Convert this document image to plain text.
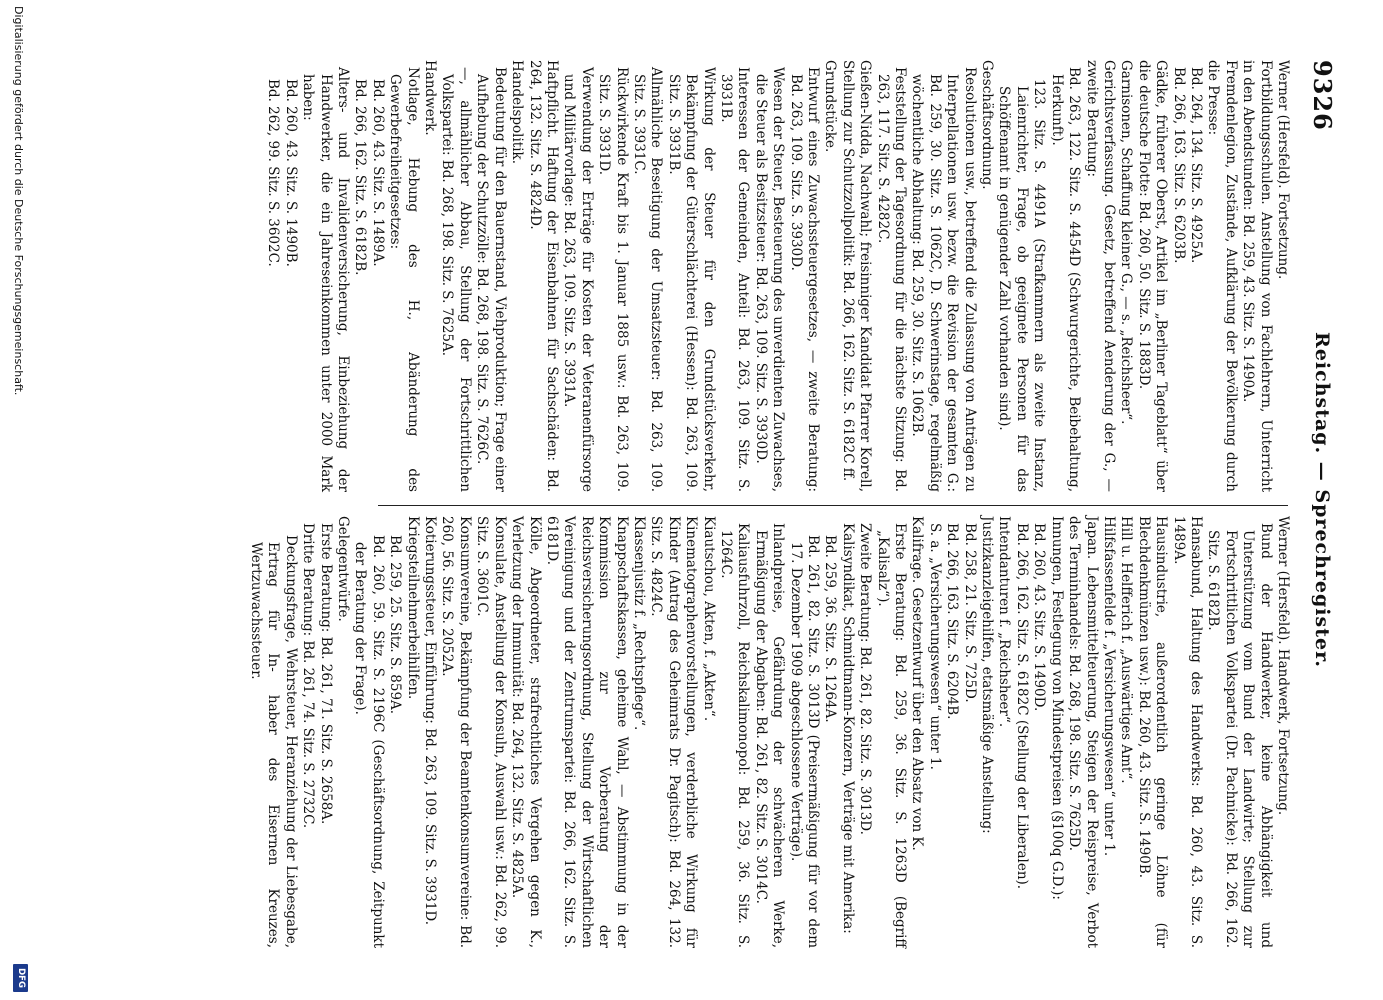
9326
Reichstag. — Sprechregister.

Werner (Hersfeld). Fortsetzung.

Fortbildungsschulen. Anstellung von Fachlehrern, Unterricht in den Abendstunden: Bd. 259, 43. Sitz. S. 1490A.

Fremdenlegion, Zustände, Aufklärung der Bevölkerung durch die Presse:

Bd. 264, 134. Sitz. S. 4925A.

Bd. 266, 163. Sitz. S. 6203B.

Gädke, früherer Oberst, Artikel im „Berliner Tageblatt“ über die deutsche Flotte: Bd. 260, 50. Sitz. S. 1883D.

Garnisonen, Schaffung kleiner G., — s. „Reichsheer“.

Gerichtsverfassung. Gesetz, betreffend Aenderung der G., — zweite Beratung:

Bd. 263, 122. Sitz. S. 4454D (Schwurgerichte, Beibehaltung, Herkunft).

123. Sitz. S. 4491A (Strafkammern als zweite Instanz, Laienrichter, Frage, ob geeignete Personen für das Schöffenamt in genügender Zahl vorhanden sind).

Geschäftsordnung.

Resolutionen usw., betreffend die Zulassung von Anträgen zu Interpellationen usw. bezw. die Revision der gesamten G.: Bd. 259, 30. Sitz. S. 1062C, D. Schwerinstage, regelmäßig wöchentliche Abhaltung: Bd. 259, 30. Sitz. S. 1062B.

Feststellung der Tagesordnung für die nächste Sitzung: Bd. 263, 117. Sitz. S. 4282C.

Gießen-Nidda, Nachwahl; freisinniger Kandidat Pfarrer Korell, Stellung zur Schutzzollpolitik: Bd. 266, 162. Sitz. S. 6182C ff.

Grundstücke.

Entwurf eines Zuwachssteuergesetzes, — zweite Beratung: Bd. 263, 109. Sitz. S. 3930D.

Wesen der Steuer, Besteuerung des unverdienten Zuwachses, die Steuer als Besitzsteuer: Bd. 263, 109. Sitz. S. 3930D.

Interessen der Gemeinden, Anteil: Bd. 263, 109. Sitz. S. 3931B.

Wirkung der Steuer für den Grundstücksverkehr, Bekämpfung der Güterschlächterei (Hessen): Bd. 263, 109. Sitz. S. 3931B.

Allmähliche Beseitigung der Umsatzsteuer: Bd. 263, 109. Sitz. S. 3931C.

Rückwirkende Kraft bis 1. Januar 1885 usw.: Bd. 263, 109. Sitz. S. 3931D.

Verwendung der Erträge für Kosten der Veteranenfürsorge und Militärvorlage: Bd. 263, 109. Sitz. S. 3931A.

Haftpflicht. Haftung der Eisenbahnen für Sachschäden: Bd. 264, 132. Sitz. S. 4824D.

Handelspolitik.

Bedeutung für den Bauernstand, Viehproduktion; Frage einer Aufhebung der Schutzzölle: Bd. 268, 198. Sitz. S. 7626C.

—, allmählicher Abbau, Stellung der Fortschrittlichen Volkspartei: Bd. 268, 198. Sitz. S. 7625A.

Handwerk.

Notlage, Hebung des H., Abänderung des Gewerbefreiheitgesetzes:

Bd. 260, 43. Sitz. S. 1489A.

Bd. 266, 162. Sitz. S. 6182B.

Alters- und Invalidenversicherung, Einbeziehung der Handwerker, die ein Jahreseinkommen unter 2000 Mark haben:

Bd. 260, 43. Sitz. S. 1490B.

Bd. 262, 99. Sitz. S. 3602C.

Werner (Hersfeld). Handwerk, Fortsetzung.

Bund der Handwerker, keine Abhängigkeit und Unterstützung vom Bund der Landwirte; Stellung zur Fortschrittlichen Volkspartei (Dr. Pachnicke): Bd. 266, 162. Sitz. S. 6182B.

Hansabund, Haltung des Handwerks: Bd. 260, 43. Sitz. S. 1489A.

Hausindustrie, außerordentlich geringe Löhne (für Blechdenkmünzen usw.): Bd. 260, 43. Sitz. S. 1490B.

Hill u. Helfferich f. „Auswärtiges Amt“.

Hilfsfassenfelde f. „Versicherungswesen“ unter 1.

Japan. Lebensmittelteuerung, Steigen der Reispreise, Verbot des Terminhandels: Bd. 268, 198. Sitz. S. 7625D.

Innungen, Festlegung von Mindestpreisen (§100q G.D.):

Bd. 260, 43. Sitz. S. 1490D.

Bd. 266, 162. Sitz. S. 6182C (Stellung der Liberalen).

Intendanturen f. „Reichsheer“.

Justizkanzleigehilfen, etatsmäßige Anstellung:

Bd. 258, 21. Sitz. S. 725D.

Bd. 266, 163. Sitz. S. 6204B.

S. a. „Versicherungswesen“ unter 1.

Kalifrage. Gesetzentwurf über den Absatz von K.

Erste Beratung: Bd. 259, 36. Sitz. S. 1263D (Begriff „Kalisalz“).

Zweite Beratung: Bd. 261, 82. Sitz. S. 3013D.

Kalisyndikat, Schmidtmann-Konzern, Verträge mit Amerika:

Bd. 259, 36. Sitz. S. 1264A.

Bd. 261, 82. Sitz. S. 3013D (Preisermäßigung für vor dem 17. Dezember 1909 abgeschlossene Verträge).

Inlandpreise, Gefährdung der schwächeren Werke, Ermäßigung der Abgaben: Bd. 261, 82. Sitz. S. 3014C.

Kaliausfuhrzoll, Reichskalimonopol: Bd. 259, 36. Sitz. S. 1264C.

Kiautschou, Akten, f. „Akten“.

Kinematographenvorstellungen, verderbliche Wirkung für Kinder (Antrag des Geheimrats Dr. Pagitsch): Bd. 264, 132. Sitz. S. 4824C.

Klassenjustiz f. „Rechtspflege“.

Knappschaftskassen, geheime Wahl, — Abstimmung in der Kommission zur Vorberatung der Reichsversicherungsordnung, Stellung der Wirtschaftlichen Vereinigung und der Zentrumspartei: Bd. 266, 162. Sitz. S. 6181D.

Kölle, Abgeordneter, strafrechtliches Vergehen gegen K., Verletzung der Immunität: Bd. 264, 132. Sitz. S. 4825A.

Konsulate, Anstellung der Konsuln, Auswahl usw.: Bd. 262, 99. Sitz. S. 3601C.

Konsumvereine, Bekämpfung der Beamtenkonsumvereine: Bd. 260, 56. Sitz. S. 2052A.

Kotierungssteuer, Einführung: Bd. 263, 109. Sitz. S. 3931D.

Kriegsteilnehmerbeihilfen.

Bd. 259, 25. Sitz. S. 859A.

Bd. 260, 59. Sitz. S. 2196C (Geschäftsordnung, Zeitpunkt der Beratung der Frage).

Gelegentwürfe.

Erste Beratung: Bd. 261, 71. Sitz. S. 2658A.

Dritte Beratung: Bd. 261, 74. Sitz. S. 2732C.

Deckungsfrage, Wehrsteuer, Heranziehung der Liebesgabe, Ertrag für In- haber des Eisernen Kreuzes, Wertzuwachssteuer.

Digitalisierung gefördert durch die Deutsche Forschungsgemeinschaft.
DFG
